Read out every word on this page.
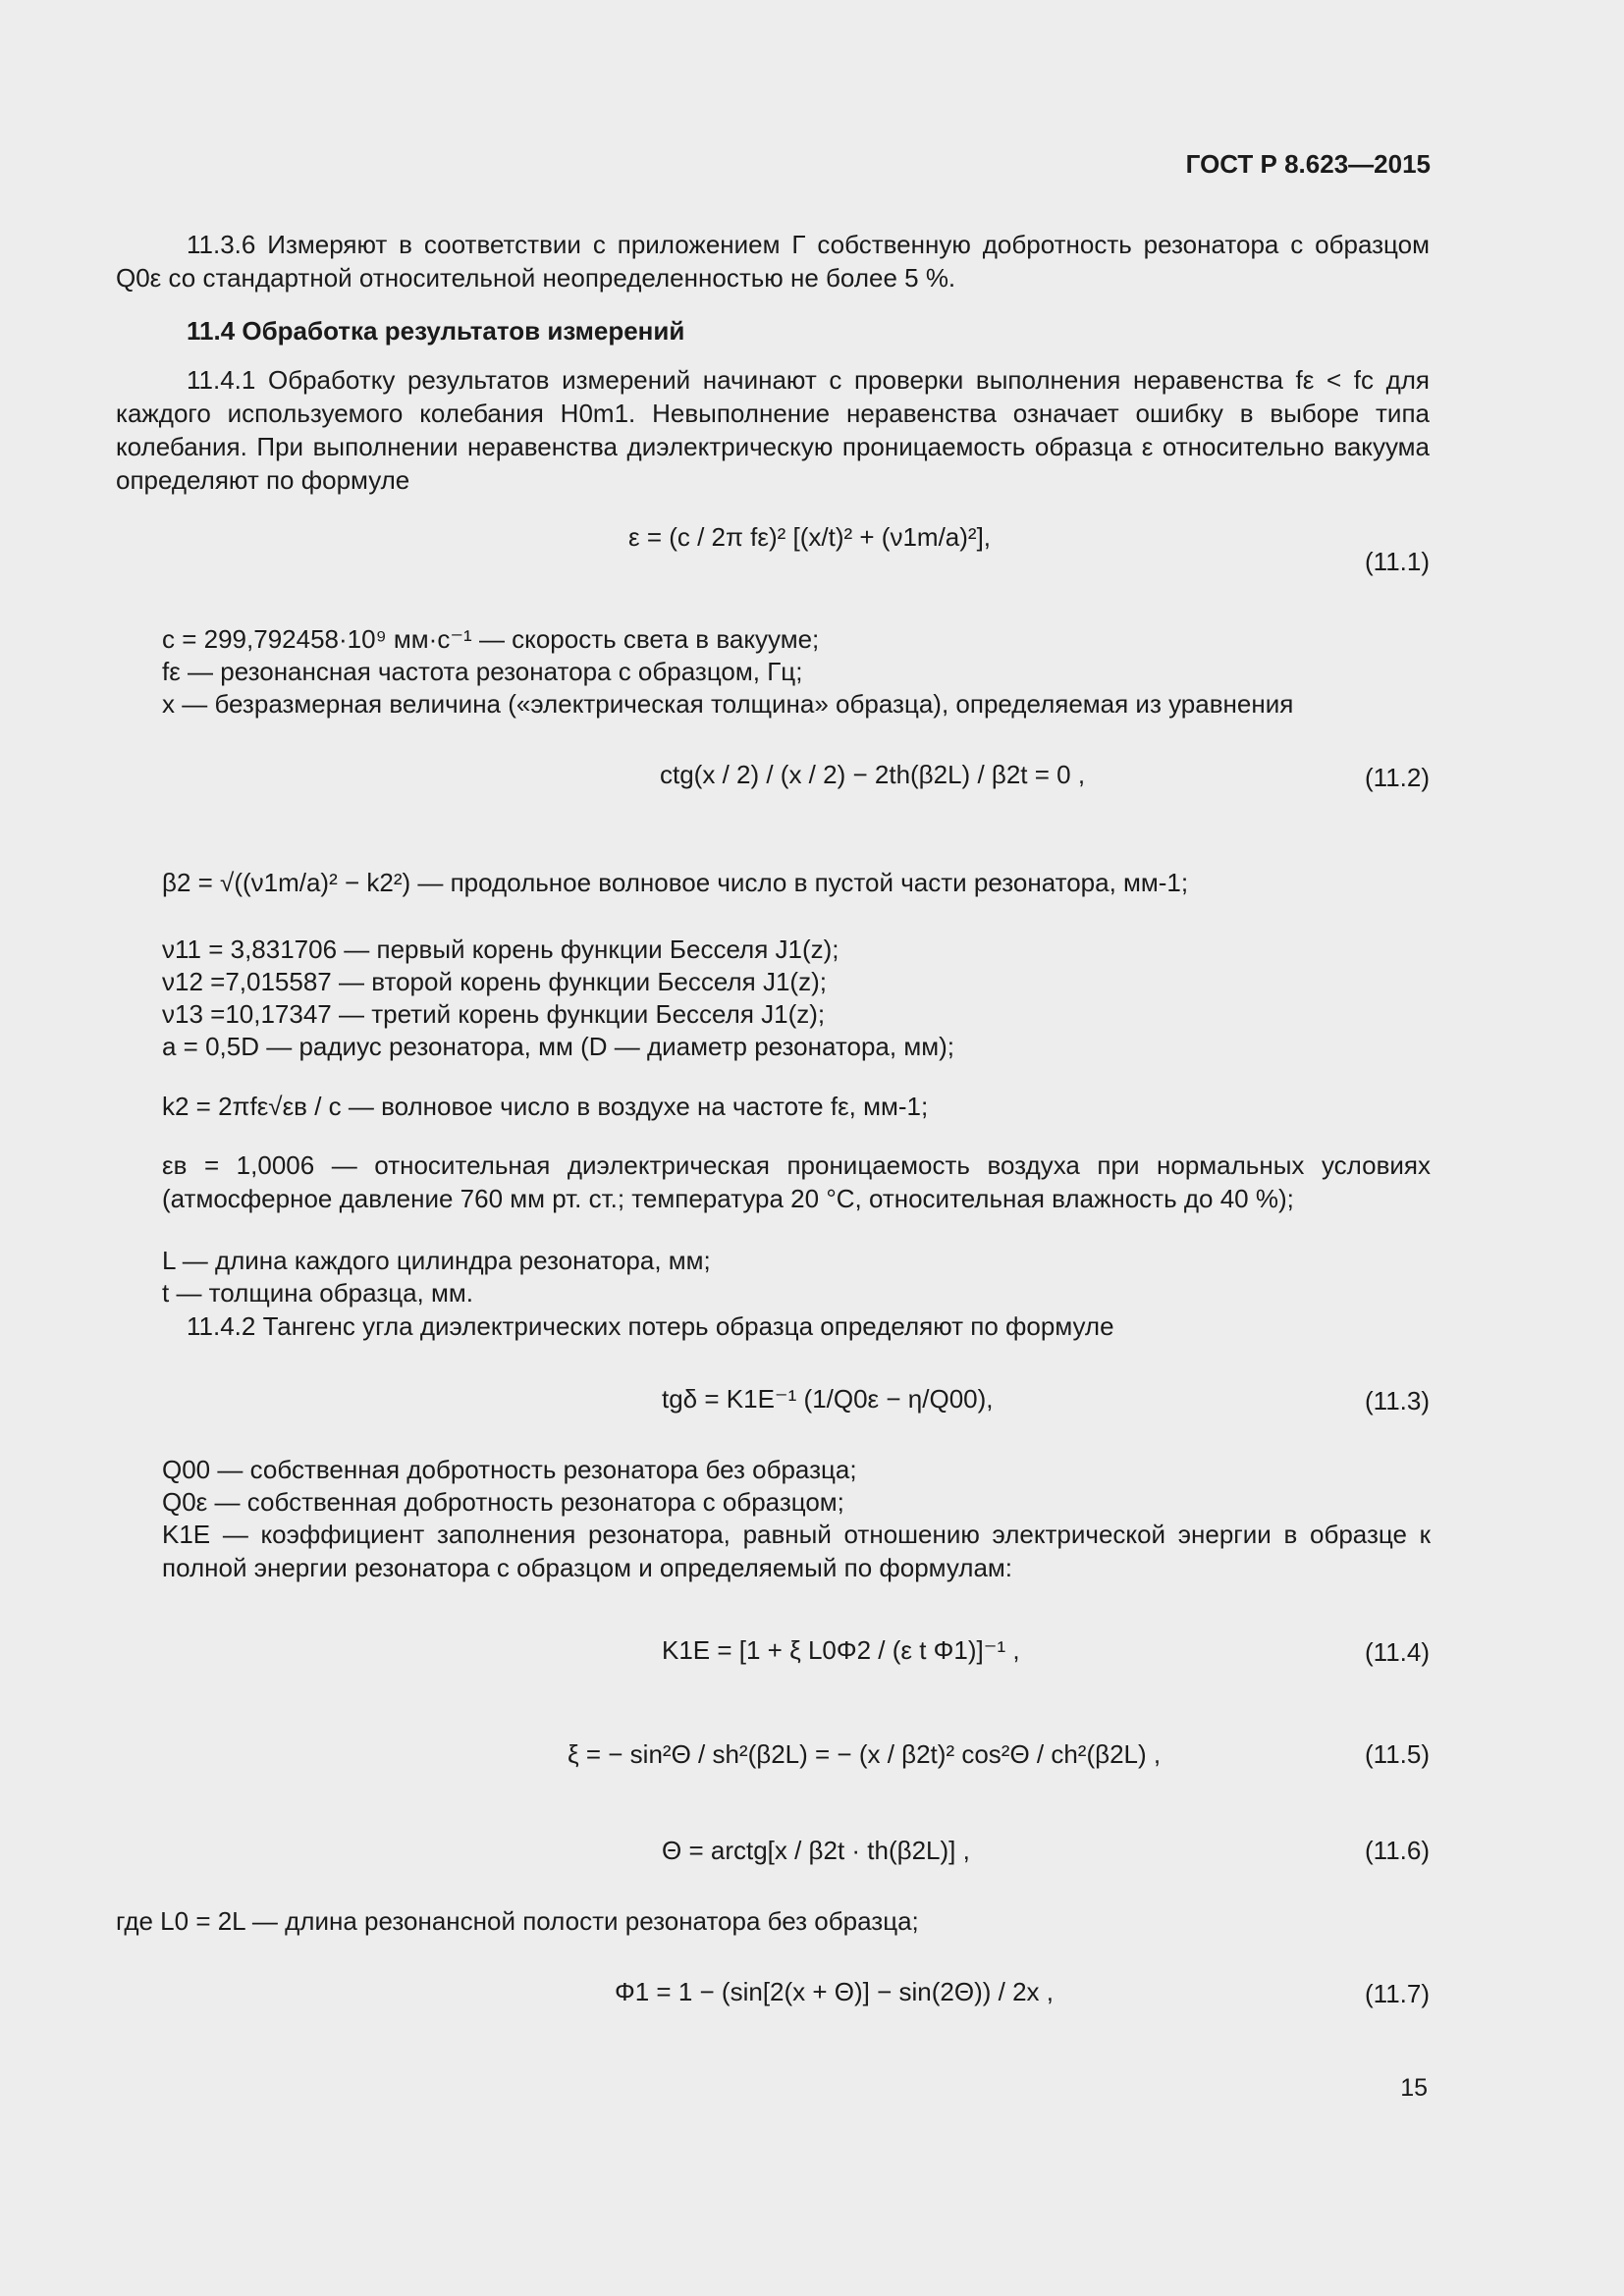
ГОСТ Р 8.623—2015
11.3.6 Измеряют в соответствии с приложением Г собственную добротность резонатора с образцом Q0ε со стандартной относительной неопределенностью не более 5 %.
11.4 Обработка результатов измерений
11.4.1 Обработку результатов измерений начинают с проверки выполнения неравенства fε < fc для каждого используемого колебания H0m1. Невыполнение неравенства означает ошибку в выборе типа колебания. При выполнении неравенства диэлектрическую проницаемость образца ε относительно вакуума определяют по формуле
ε = (c / 2π fε)² [(x/t)² + (ν1m/a)²],
(11.1)
c = 299,792458·10⁹ мм·с⁻¹ — скорость света в вакууме;
fε — резонансная частота резонатора с образцом, Гц;
x — безразмерная величина («электрическая толщина» образца), определяемая из уравнения
ctg(x / 2) / (x / 2) − 2th(β2L) / β2t = 0 ,	(11.2)
β2 = √((ν1m/a)² − k2²) — продольное волновое число в пустой части резонатора, мм-1;
ν11 = 3,831706 — первый корень функции Бесселя J1(z);
ν12 =7,015587 — второй корень функции Бесселя J1(z);
ν13 =10,17347 — третий корень функции Бесселя J1(z);
a = 0,5D — радиус резонатора, мм (D — диаметр резонатора, мм);
k2 = 2πfε√εв / c — волновое число в воздухе на частоте fε, мм-1;
εв = 1,0006 — относительная диэлектрическая проницаемость воздуха при нормальных условиях (атмосферное давление 760 мм рт. ст.; температура 20 °С, относительная влажность до 40 %);
L — длина каждого цилиндра резонатора, мм;
t — толщина образца, мм.
11.4.2 Тангенс угла диэлектрических потерь образца определяют по формуле
tgδ = K1E⁻¹ (1/Q0ε − η/Q00),	(11.3)
Q00 — собственная добротность резонатора без образца;
Q0ε — собственная добротность резонатора с образцом;
K1E — коэффициент заполнения резонатора, равный отношению электрической энергии в образце к полной энергии резонатора с образцом и определяемый по формулам:
K1E = [1 + ξ L0Φ2 / (ε t Φ1)]⁻¹ ,	(11.4)
ξ = − sin²Θ / sh²(β2L) = − (x / β2t)² cos²Θ / ch²(β2L) ,	(11.5)
Θ = arctg[x / β2t · th(β2L)] ,	(11.6)
где L0 = 2L — длина резонансной полости резонатора без образца;
Φ1 = 1 − (sin[2(x + Θ)] − sin(2Θ)) / 2x ,	(11.7)
15
